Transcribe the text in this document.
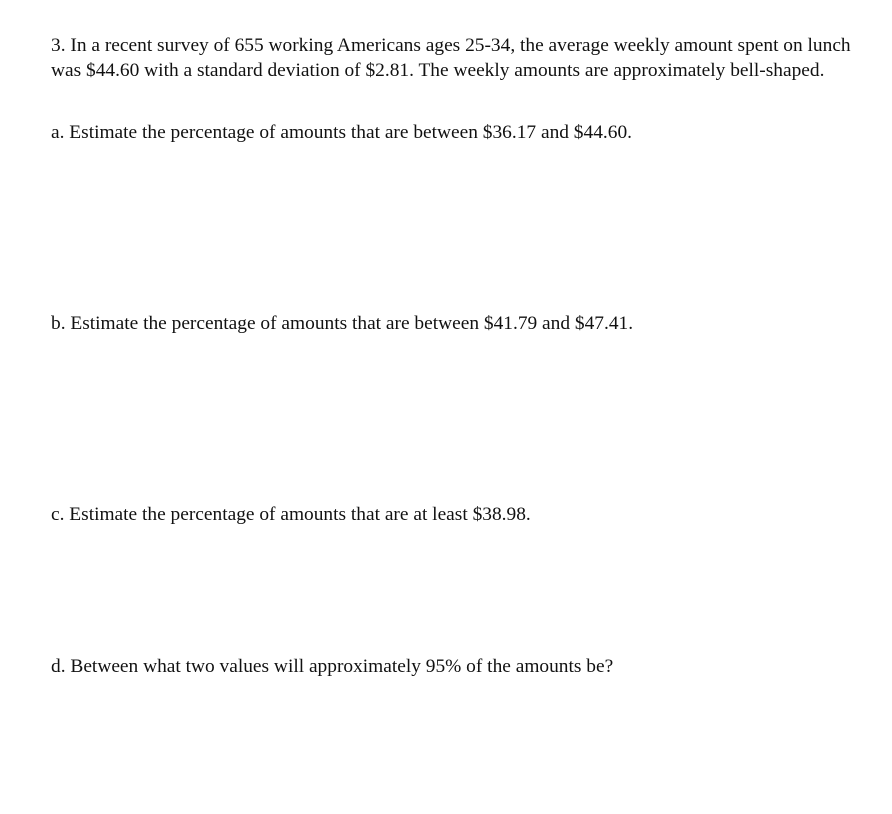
3. In a recent survey of 655 working Americans ages 25-34, the average weekly amount spent on lunch was $44.60 with a standard deviation of $2.81. The weekly amounts are approximately bell-shaped.

a. Estimate the percentage of amounts that are between $36.17 and $44.60.

b. Estimate the percentage of amounts that are between $41.79 and $47.41.

c. Estimate the percentage of amounts that are at least $38.98.

d. Between what two values will approximately 95% of the amounts be?
